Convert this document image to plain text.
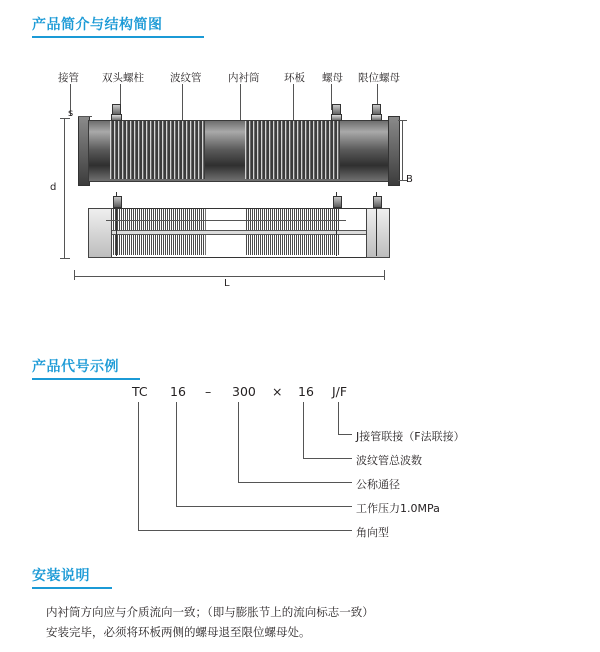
产品简介与结构简图
接管 双头螺柱 波纹管	内衬筒 环板 螺母 限位螺母
d
s
B
L
产品代号示例
TC 16 – 300 × 16 J/F
J接管联接（F法联接）
波纹管总波数
公称通径
工作压力1.0MPa
角向型
安装说明
内衬筒方向应与介质流向一致；（即与膨胀节上的流向标志一致）
安装完毕，必须将环板两侧的螺母退至限位螺母处。
